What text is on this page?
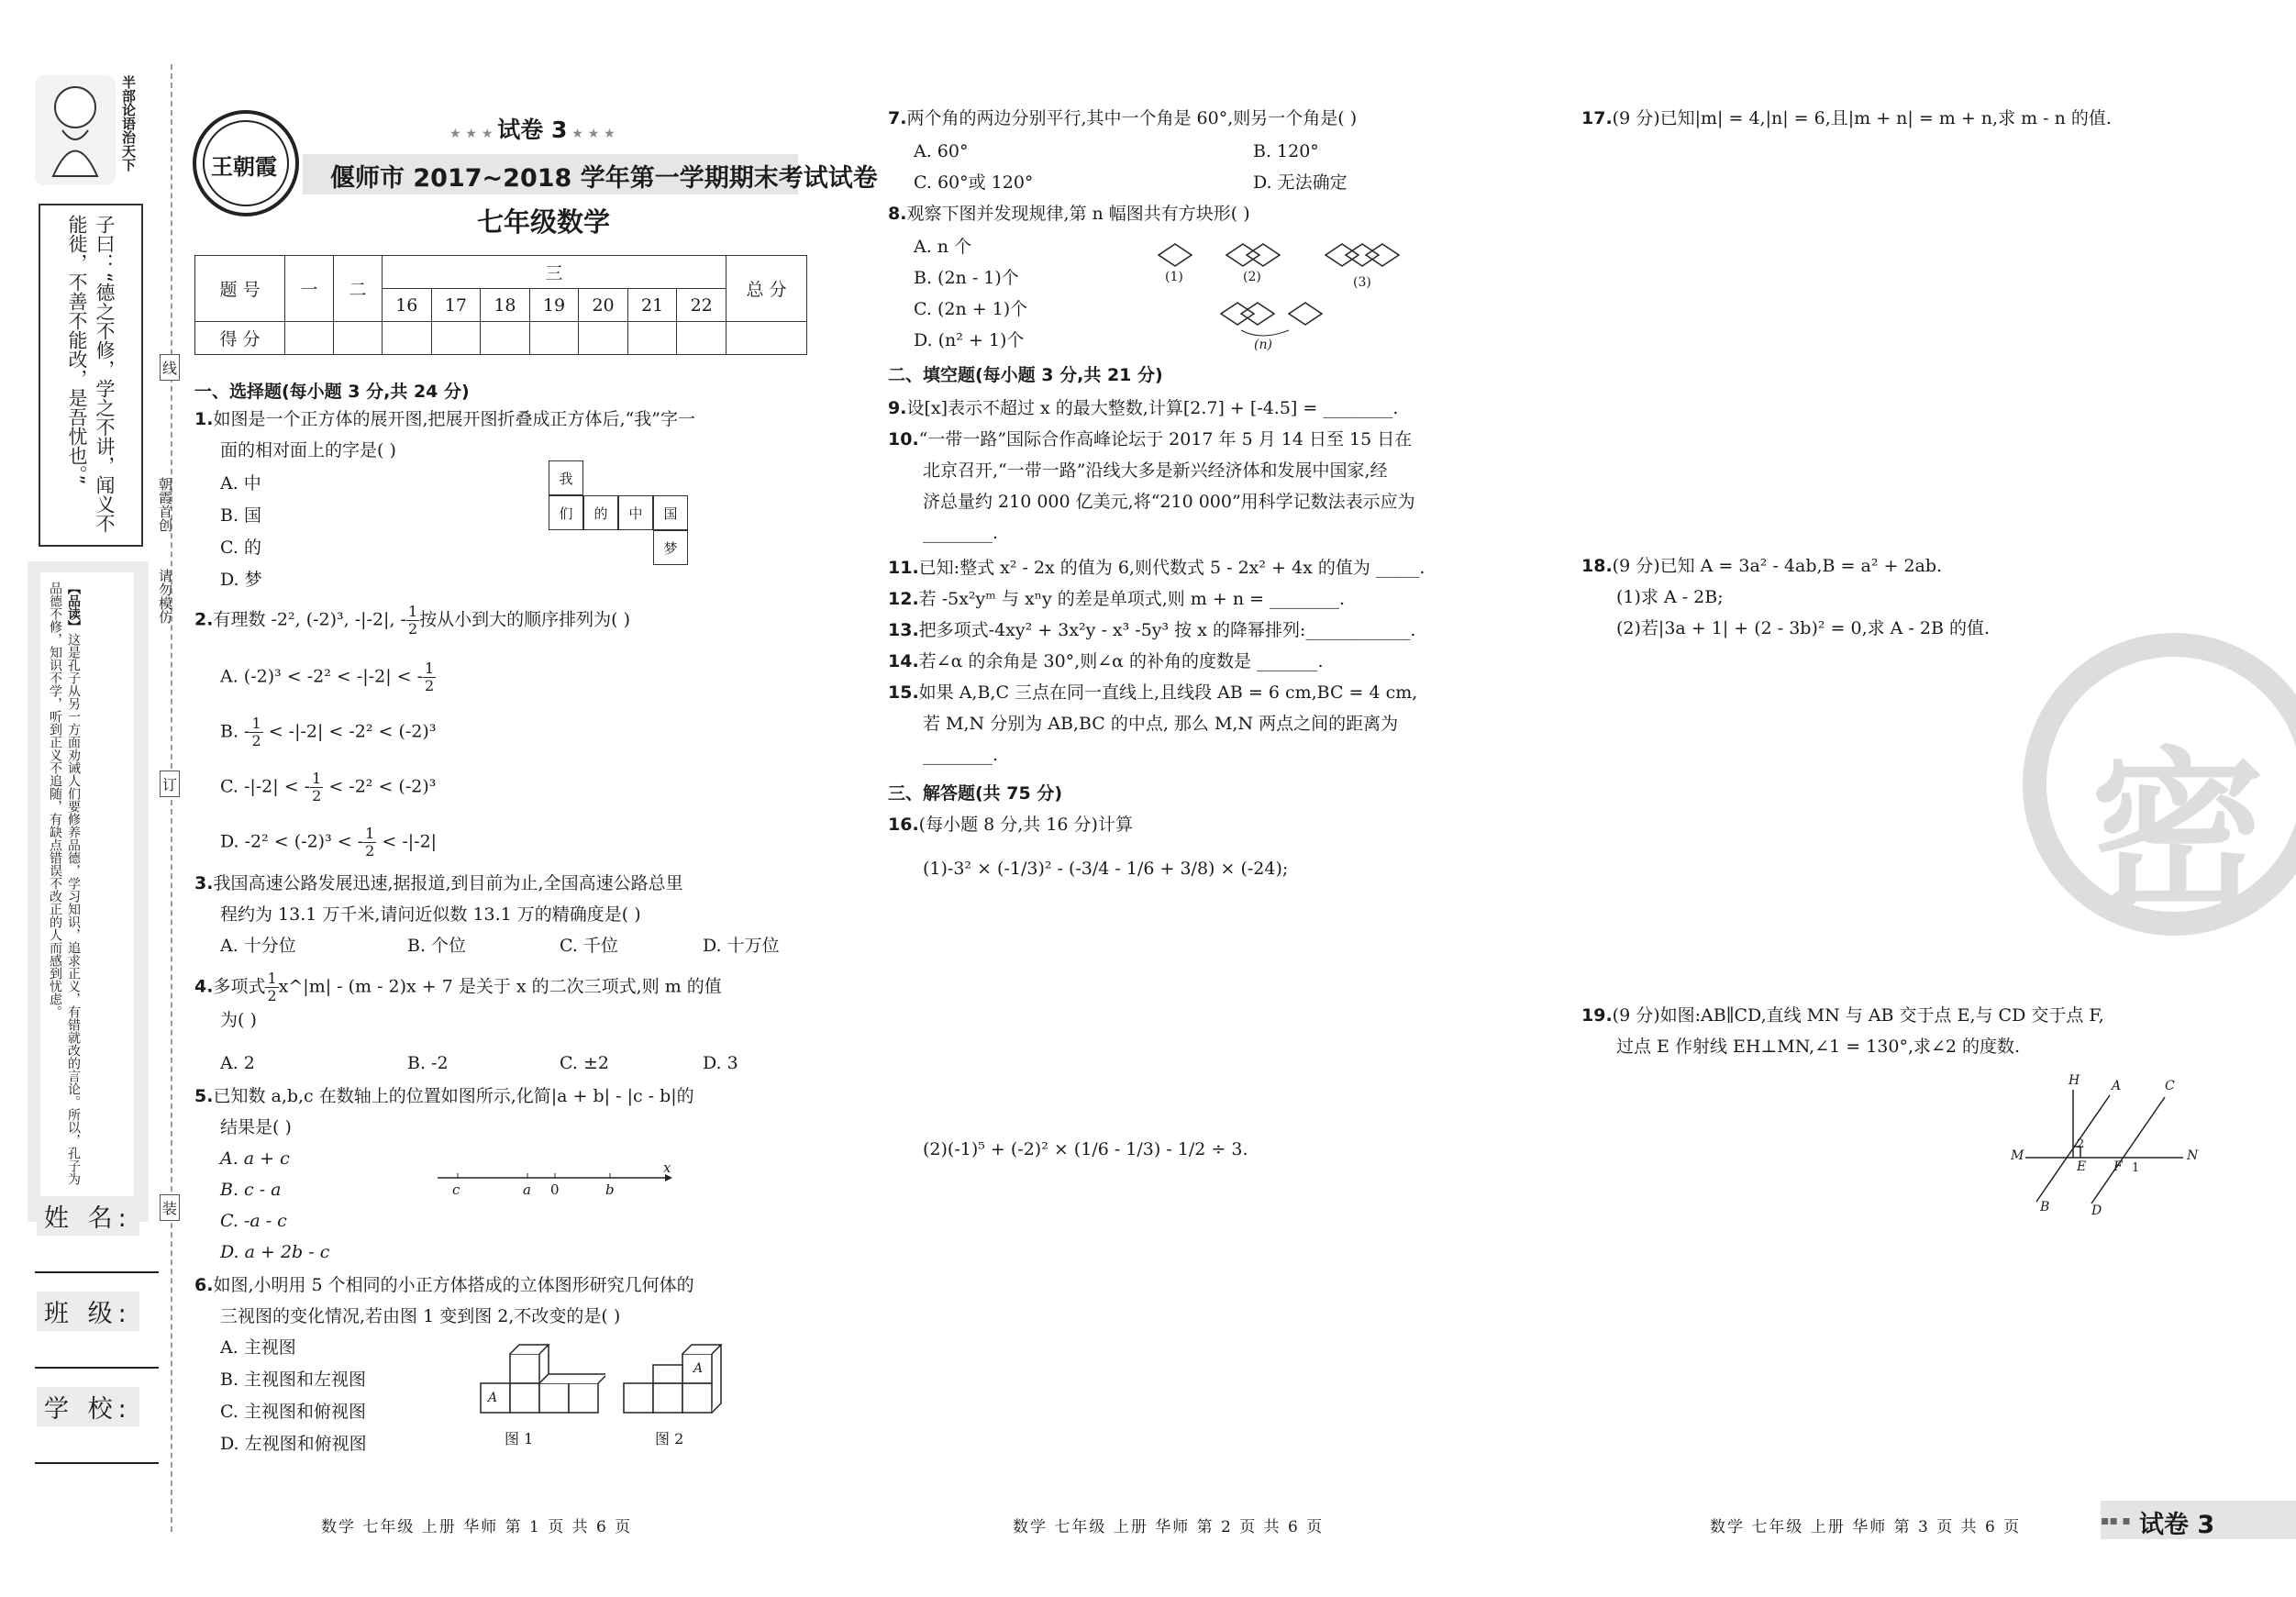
半部论语治天下
子曰：“德之不修，学之不讲，闻义不能徙，不善不能改，是吾忧也。”
【品读】这是孔子从另一方面劝诫人们要修养品德，学习知识，追求正义，有错就改的言论。所以，孔子为品德不修，知识不学，听到正义不追随，有缺点错误不改正的人而感到忧虑。
线
订
装
朝霞首创
请勿模仿
姓 名:
班 级:
学 校:
王朝霞
★ ★ ★ 试卷 3 ★ ★ ★
偃师市 2017~2018 学年第一学期期末考试试卷
七年级数学
题 号	一	二	三							总 分
			16	17	18	19	20	21	22	
得 分										
一、选择题(每小题 3 分,共 24 分)
1.如图是一个正方体的展开图,把展开图折叠成正方体后,“我”字一
面的相对面上的字是( )
A. 中
B. 国
C. 的
D. 梦
我
们	的	中	国
梦
2.有理数 -2², (-2)³, -|-2|, - $\frac{1}{2}$ 按从小到大的顺序排列为( )
A. (-2)³ < -2² < -|-2| < - $\frac{1}{2}$
B. - $\frac{1}{2} < -|-2| < -2^2 < (-2)^3$
C. -|-2| < - $\frac{1}{2} < -2^2 < (-2)^3$
D. -2² < (-2)³ < - $\frac{1}{2} < -|-2|$
3.我国高速公路发展迅速,据报道,到目前为止,全国高速公路总里
程约为 13.1 万千米,请问近似数 13.1 万的精确度是( )
A. 十分位	B. 个位	C. 千位	D. 十万位
4.多项式 $\frac{1}{2}$ x^|m| - (m - 2)x + 7 是关于 x 的二次三项式,则 m 的值
为( )
A. 2	B. -2	C. ±2	D. 3
5.已知数 a,b,c 在数轴上的位置如图所示,化简|a + b| - |c - b|的
结果是( )
A. a + c
B. c - a
C. -a - c
D. a + 2b - c
c	a 0	b
x
6.如图,小明用 5 个相同的小正方体搭成的立体图形研究几何体的
三视图的变化情况,若由图 1 变到图 2,不改变的是( )
A. 主视图
B. 主视图和左视图
C. 主视图和俯视图
D. 左视图和俯视图
A
图 1
A
图 2
数学 七年级 上册 华师 第 1 页 共 6 页
7.两个角的两边分别平行,其中一个角是 60°,则另一个角是( )
A. 60°	B. 120°
C. 60°或 120°	D. 无法确定
8.观察下图并发现规律,第 n 幅图共有方块形( )
A. n 个
B. (2n - 1)个
C. (2n + 1)个
D. (n² + 1)个
(1)	(2)	(3)
(n)
二、填空题(每小题 3 分,共 21 分)
9.设[x]表示不超过 x 的最大整数,计算[2.7] + [-4.5] = ________.
10.“一带一路”国际合作高峰论坛于 2017 年 5 月 14 日至 15 日在
北京召开,“一带一路”沿线大多是新兴经济体和发展中国家,经
济总量约 210 000 亿美元,将“210 000”用科学记数法表示应为
________.
11.已知:整式 x² - 2x 的值为 6,则代数式 5 - 2x² + 4x 的值为 _____.
12.若 -5x²yᵐ 与 xⁿy 的差是单项式,则 m + n = ________.
13.把多项式-4xy² + 3x²y - x³ -5y³ 按 x 的降幂排列:____________.
14.若∠α 的余角是 30°,则∠α 的补角的度数是 _______.
15.如果 A,B,C 三点在同一直线上,且线段 AB = 6 cm,BC = 4 cm,
若 M,N 分别为 AB,BC 的中点, 那么 M,N 两点之间的距离为
________.
三、解答题(共 75 分)
16.(每小题 8 分,共 16 分)计算
(1)-3² × (-1/3)² - (-3/4 - 1/6 + 3/8) × (-24);
(2)(-1)⁵ + (-2)² × (1/6 - 1/3) - 1/2 ÷ 3.
数学 七年级 上册 华师 第 2 页 共 6 页
密
17.(9 分)已知|m| = 4,|n| = 6,且|m + n| = m + n,求 m - n 的值.
18.(9 分)已知 A = 3a² - 4ab,B = a² + 2ab.
(1)求 A - 2B;
(2)若|3a + 1| + (2 - 3b)² = 0,求 A - 2B 的值.
19.(9 分)如图:AB∥CD,直线 MN 与 AB 交于点 E,与 CD 交于点 F,
过点 E 作射线 EH⊥MN,∠1 = 130°,求∠2 的度数.
H A	C
M
E F
N
B	D
2
1
数学 七年级 上册 华师 第 3 页 共 6 页	▪▪ ▪ 试卷 3
